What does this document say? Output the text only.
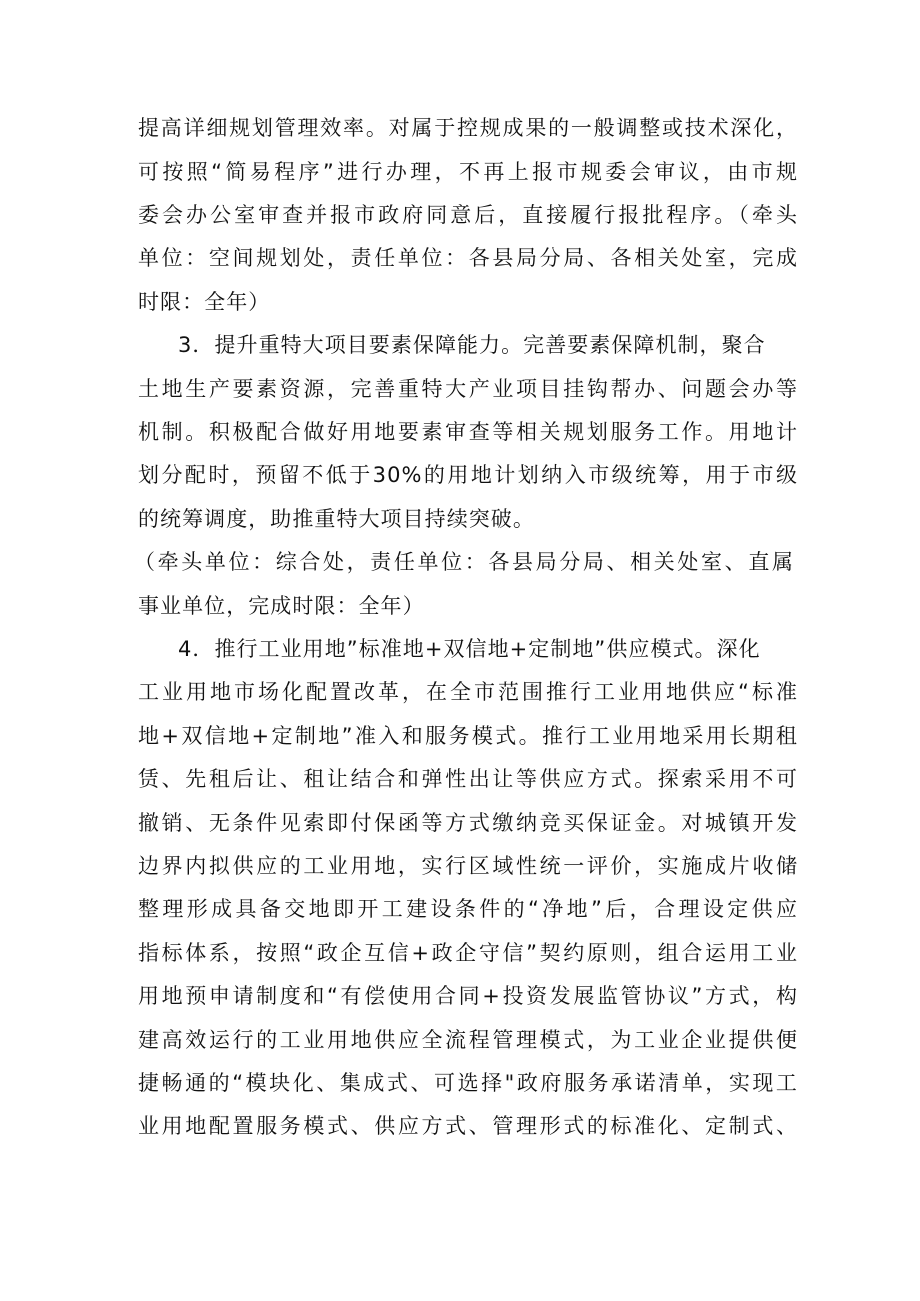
提高详细规划管理效率。对属于控规成果的一般调整或技术深化，
可按照“简易程序”进行办理，不再上报市规委会审议，由市规
委会办公室审查并报市政府同意后，直接履行报批程序。（牵头
单位：空间规划处，责任单位：各县局分局、各相关处室，完成
时限：全年）
3．提升重特大项目要素保障能力。完善要素保障机制，聚合
土地生产要素资源，完善重特大产业项目挂钩帮办、问题会办等
机制。积极配合做好用地要素审查等相关规划服务工作。用地计
划分配时，预留不低于30%的用地计划纳入市级统筹，用于市级
的统筹调度，助推重特大项目持续突破。
（牵头单位：综合处，责任单位：各县局分局、相关处室、直属
事业单位，完成时限：全年）
4．推行工业用地”标准地+双信地+定制地”供应模式。深化
工业用地市场化配置改革，在全市范围推行工业用地供应“标准
地+双信地+定制地”准入和服务模式。推行工业用地采用长期租
赁、先租后让、租让结合和弹性出让等供应方式。探索采用不可
撤销、无条件见索即付保函等方式缴纳竞买保证金。对城镇开发
边界内拟供应的工业用地，实行区域性统一评价，实施成片收储
整理形成具备交地即开工建设条件的“净地”后，合理设定供应
指标体系，按照“政企互信+政企守信”契约原则，组合运用工业
用地预申请制度和“有偿使用合同+投资发展监管协议”方式，构
建高效运行的工业用地供应全流程管理模式，为工业企业提供便
捷畅通的“模块化、集成式、可选择"政府服务承诺清单，实现工
业用地配置服务模式、供应方式、管理形式的标准化、定制式、
